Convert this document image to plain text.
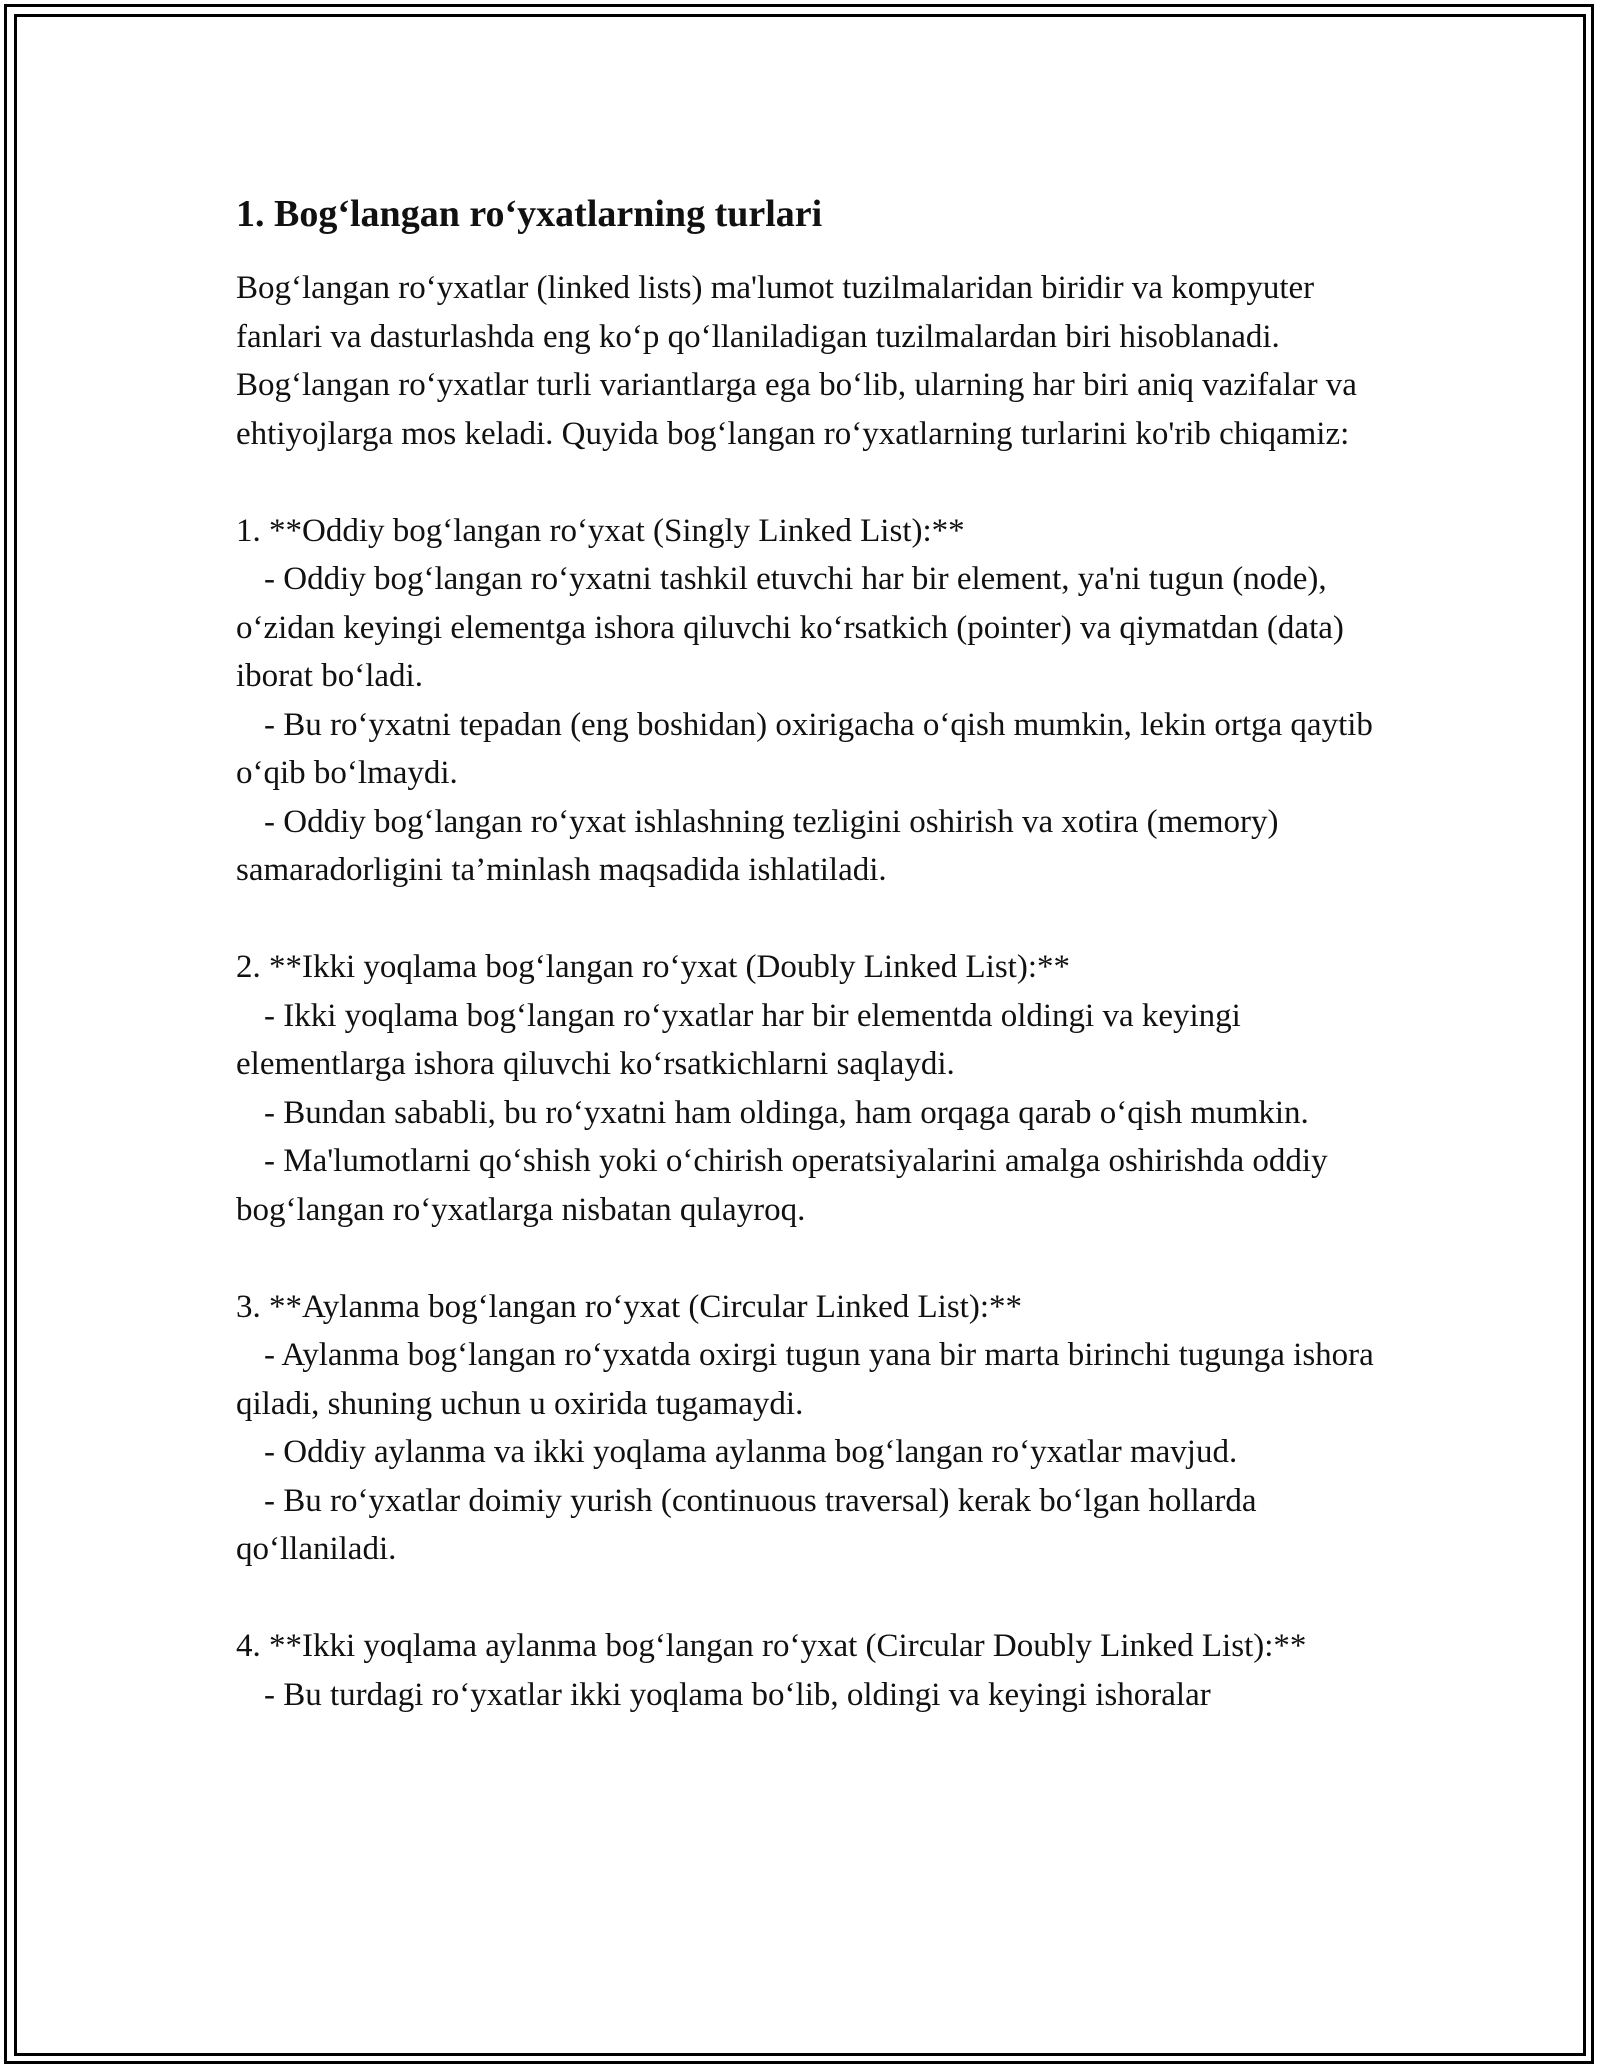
1. Bog‘langan ro‘yxatlarning turlari

Bog‘langan ro‘yxatlar (linked lists) ma'lumot tuzilmalaridan biridir va kompyuter fanlari va dasturlashda eng ko‘p qo‘llaniladigan tuzilmalardan biri hisoblanadi. Bog‘langan ro‘yxatlar turli variantlarga ega bo‘lib, ularning har biri aniq vazifalar va ehtiyojlarga mos keladi. Quyida bog‘langan ro‘yxatlarning turlarini ko'rib chiqamiz:

1. **Oddiy bog‘langan ro‘yxat (Singly Linked List):**

- Oddiy bog‘langan ro‘yxatni tashkil etuvchi har bir element, ya'ni tugun (node), o‘zidan keyingi elementga ishora qiluvchi ko‘rsatkich (pointer) va qiymatdan (data) iborat bo‘ladi.

- Bu ro‘yxatni tepadan (eng boshidan) oxirigacha o‘qish mumkin, lekin ortga qaytib o‘qib bo‘lmaydi.

- Oddiy bog‘langan ro‘yxat ishlashning tezligini oshirish va xotira (memory) samaradorligini ta’minlash maqsadida ishlatiladi.

2. **Ikki yoqlama bog‘langan ro‘yxat (Doubly Linked List):**

- Ikki yoqlama bog‘langan ro‘yxatlar har bir elementda oldingi va keyingi elementlarga ishora qiluvchi ko‘rsatkichlarni saqlaydi.

- Bundan sababli, bu ro‘yxatni ham oldinga, ham orqaga qarab o‘qish mumkin.

- Ma'lumotlarni qo‘shish yoki o‘chirish operatsiyalarini amalga oshirishda oddiy bog‘langan ro‘yxatlarga nisbatan qulayroq.

3. **Aylanma bog‘langan ro‘yxat (Circular Linked List):**

- Aylanma bog‘langan ro‘yxatda oxirgi tugun yana bir marta birinchi tugunga ishora qiladi, shuning uchun u oxirida tugamaydi.

- Oddiy aylanma va ikki yoqlama aylanma bog‘langan ro‘yxatlar mavjud.

- Bu ro‘yxatlar doimiy yurish (continuous traversal) kerak bo‘lgan hollarda qo‘llaniladi.

4. **Ikki yoqlama aylanma bog‘langan ro‘yxat (Circular Doubly Linked List):**

- Bu turdagi ro‘yxatlar ikki yoqlama bo‘lib, oldingi va keyingi ishoralar
